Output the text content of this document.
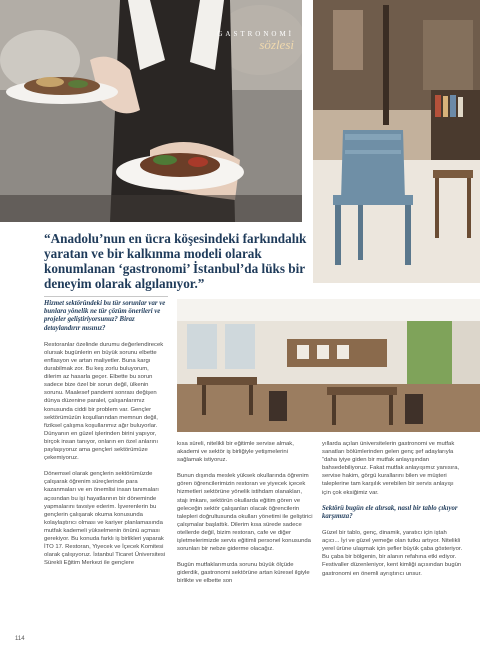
GASTRONOMİ
sözlesi
“Anadolu’nun en ücra köşesindeki farkındalık yaratan ve bir kalkınma modeli olarak konumlanan ‘gastronomi’ İstanbul’da lüks bir deneyim olarak algılanıyor.”

Hizmet sektöründeki bu tür sorunlar var ve bunlara yönelik ne tür çözüm önerileri ve projeler geliştiriyorsunuz? Biraz detaylandırır mısınız?

Restoranlar özelinde durumu değerlendirecek olursak bugünlerin en büyük sorunu elbette enflasyon ve artan maliyetler. Buna kargı durabilmak zor. Bu keş zorlu buluyorum, dilerim az hasarla geçer. Elbette bu sorun sadece bize özel bir sorun değil, ülkenin sorunu. Maalesef pandemi sonrası değişen dünya düzenine paralel, çalışanlarımız konusunda ciddi bir problem var. Gençler sektörümüzün koşullarından memnun değil, fiziksel çalışma koşullarımız ağır buluyorlar. Dünyanın en güzel işlerinden birini yapıyor, birçok insan tanıyor, onların en özel anlarını paylaşıyoruz ama gençleri sektörümüze çekemiyoruz.

Dönemsel olarak gençlerin sektörümüzde çalışarak öğrenim süreçlerinde para kazanmaları ve en önemlisi insan tanımaları açısından bu işi hayatlarının bir döneminde yapmalarını tavsiye ederim. İşverenlerin bu gençlerin çalışarak okuma konusunda kolaylaştırıcı olması ve kariyer planlamasında mutfak kademeli yükselmenin önünü açması gerekiyor. Bu konuda farklı iş birlikleri yaparak İTO 17. Restoran, Yiyecek ve İçecek Komitesi olarak çalışıyoruz. İstanbul Ticaret Üniversitesi Sürekli Eğitim Merkezi ile gençlere

kısa süreli, nitelikli bir eğitimle servise almak, akademi ve sektör iş birliğiyle yetişmelerini sağlamak istiyoruz.

Bunun dışında meslek yüksek okullarında öğrenim gören öğrencilerimizin restoran ve yiyecek içecek hizmetleri sektörüne yönelik istihdam olanakları, stajı imkanı, sektörün okullarda eğitim gören ve geleceğin sektör çalışanları olacak öğrencilerin talepleri doğrultusunda okulları yönetimi ile geliştirici çalışmalar başlattık. Dilerim kısa sürede sadece otellerde değil, bizim restoran, cafe ve diğer işletmelerimizde servis eğitimli personel konusunda sorunları bir nebze giderme olacağız.

Bugün mutfaklarımızda sorunu büyük ölçüde giderdik, gastronomi sektörüne artan küresel ilgiyle birlikte ve elbette son

yıllarda açılan üniversitelerin gastronomi ve mutfak sanatları bölümlerinden gelen genç şef adaylarıyla “daha iyiye giden bir mutfak anlayışından bahsedebiliyoruz. Fakat mutfak anlayışımız yanısıra, servise hakim, görgü kurallarını bilen ve müşteri taleplerine tam karşılık verebilen bir servis anlayışı için çok eksiğimiz var.

Sektörü bugün ele alırsak, nasıl bir tablo çıkıyor karşımıza?

Güzel bir tablo, genç, dinamik, yaratıcı için iştah açıcı... İyi ve güzel yemeğe olan tutku artıyor. Nitelikli yerel ürüne ulaşmak için şefler büyük çaba gösteriyor. Bu çaba bir bölgenin, bir alanın refahına etki ediyor. Festivaller düzenleniyor, kent kimliği açısından bugün gastronomi en önemli ayrıştırıcı unsur.

114
